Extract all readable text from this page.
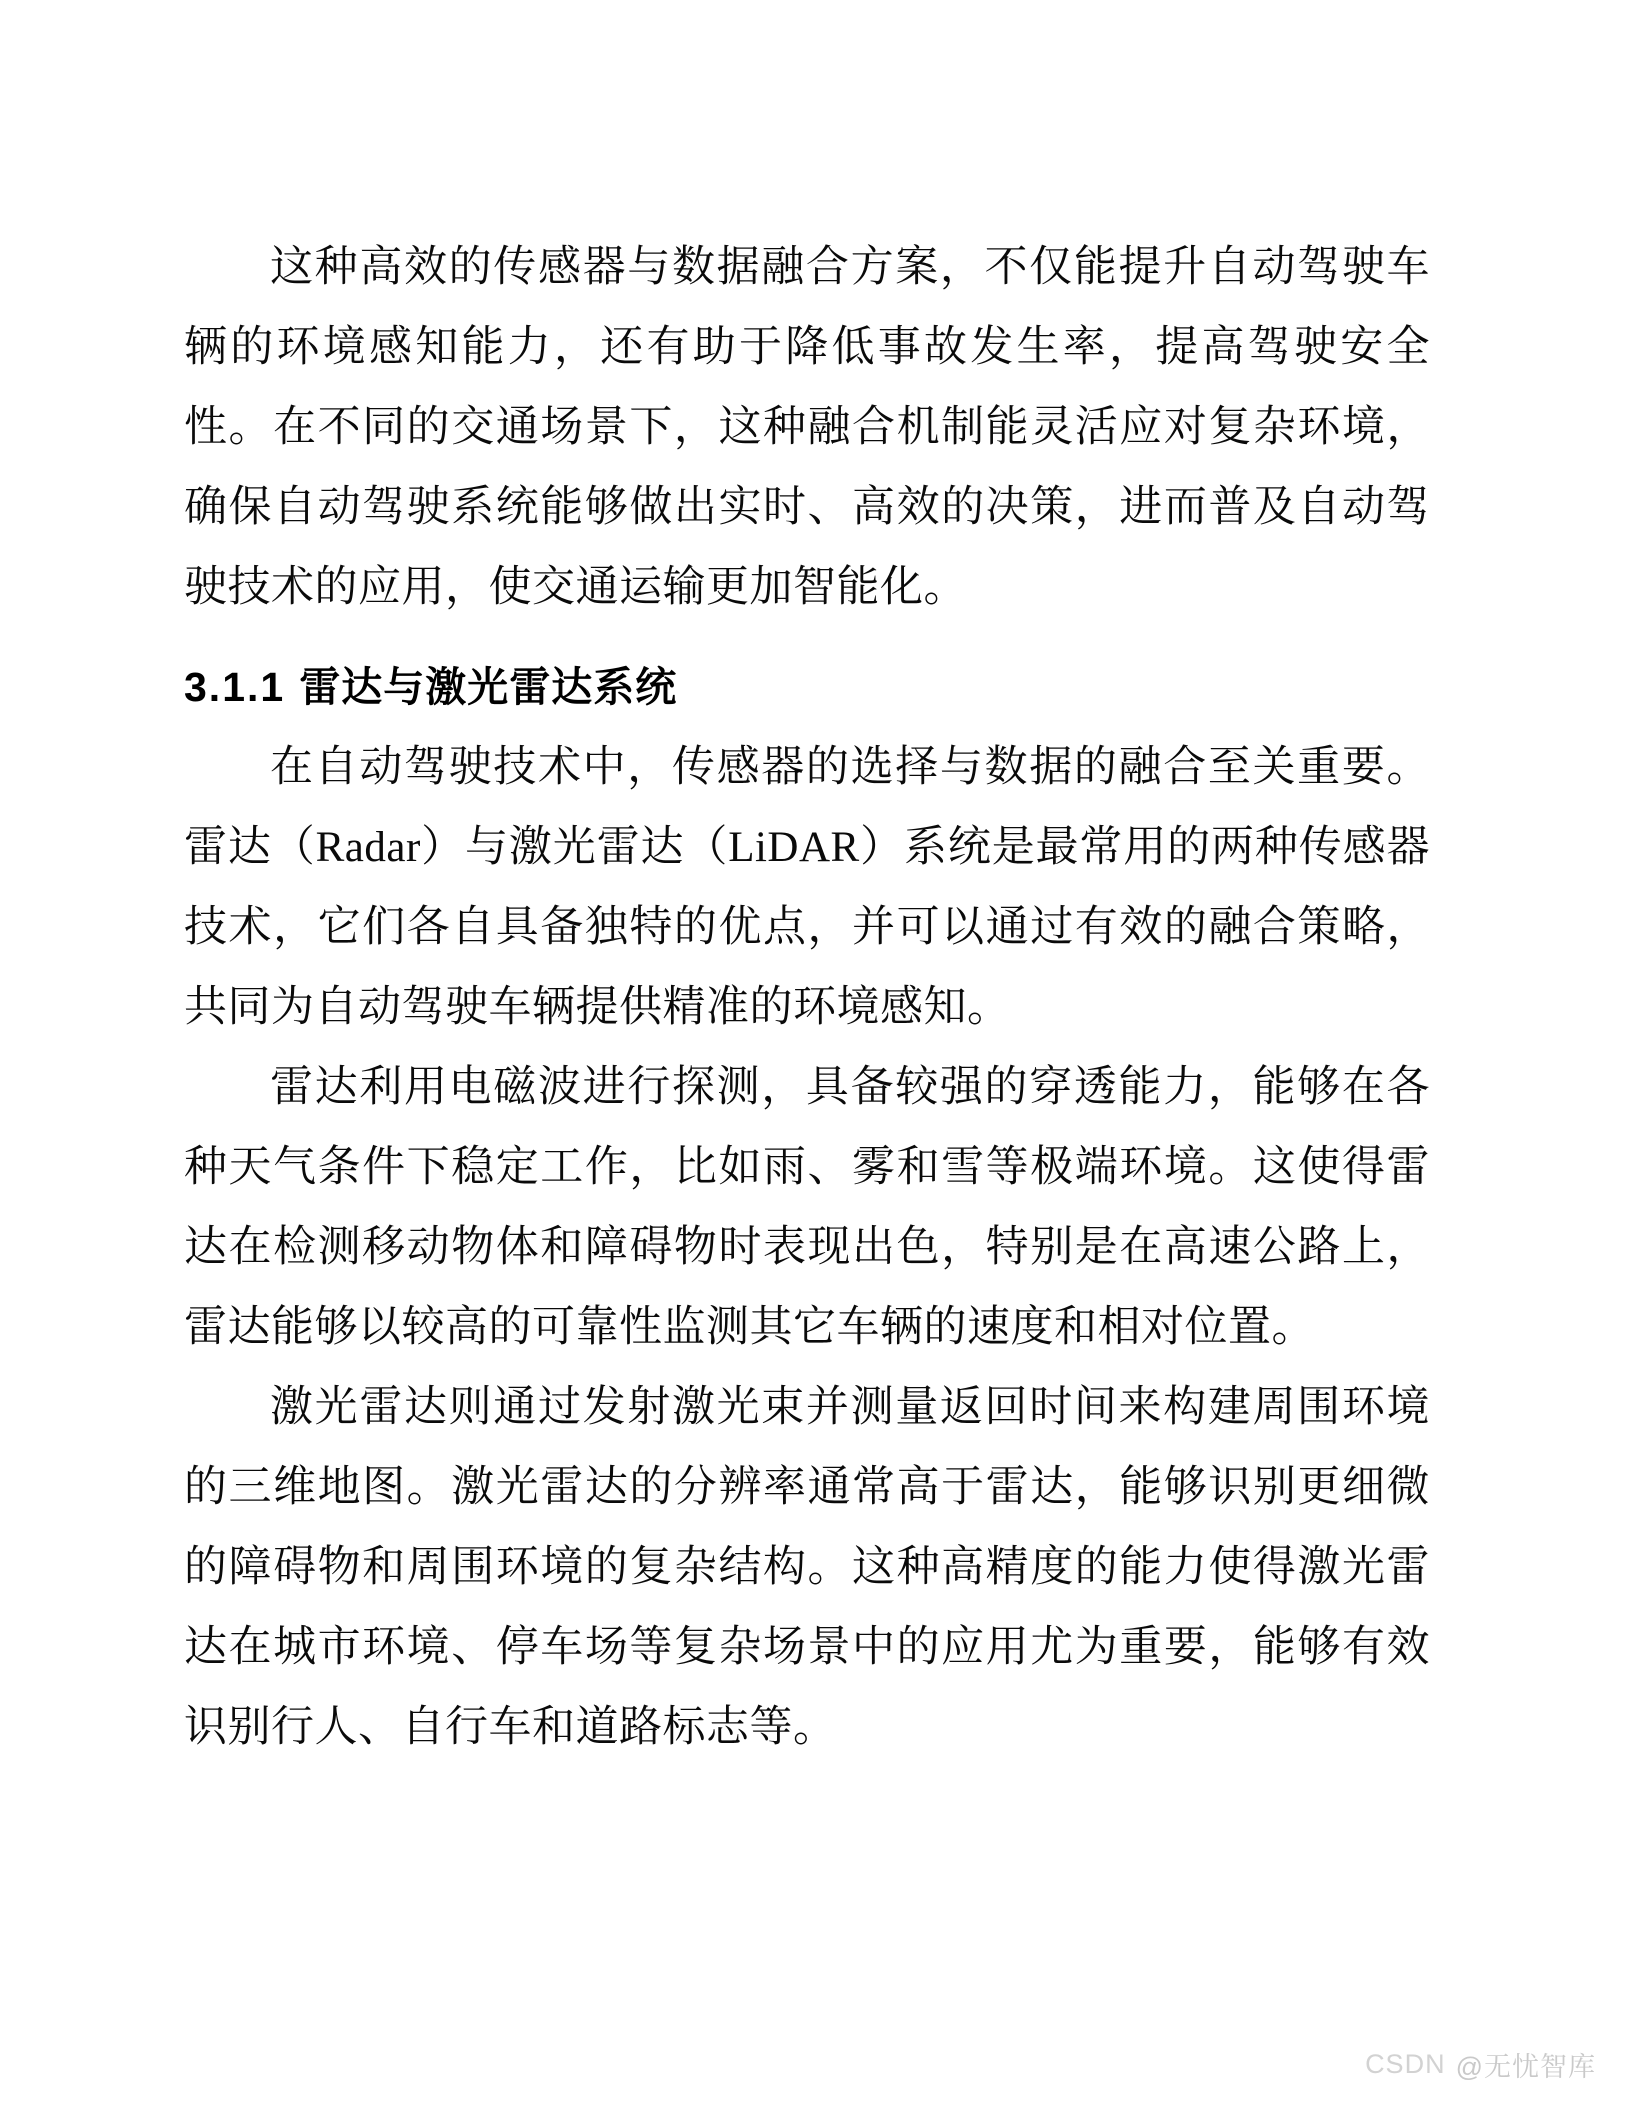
这种高效的传感器与数据融合方案，不仅能提升自动驾驶车辆的环境感知能力，还有助于降低事故发生率，提高驾驶安全性。在不同的交通场景下，这种融合机制能灵活应对复杂环境，确保自动驾驶系统能够做出实时、高效的决策，进而普及自动驾驶技术的应用，使交通运输更加智能化。

3.1.1 雷达与激光雷达系统

在自动驾驶技术中，传感器的选择与数据的融合至关重要。雷达（Radar）与激光雷达（LiDAR）系统是最常用的两种传感器技术，它们各自具备独特的优点，并可以通过有效的融合策略，共同为自动驾驶车辆提供精准的环境感知。

雷达利用电磁波进行探测，具备较强的穿透能力，能够在各种天气条件下稳定工作，比如雨、雾和雪等极端环境。这使得雷达在检测移动物体和障碍物时表现出色，特别是在高速公路上，雷达能够以较高的可靠性监测其它车辆的速度和相对位置。

激光雷达则通过发射激光束并测量返回时间来构建周围环境的三维地图。激光雷达的分辨率通常高于雷达，能够识别更细微的障碍物和周围环境的复杂结构。这种高精度的能力使得激光雷达在城市环境、停车场等复杂场景中的应用尤为重要，能够有效识别行人、自行车和道路标志等。

CSDN @无忧智库
